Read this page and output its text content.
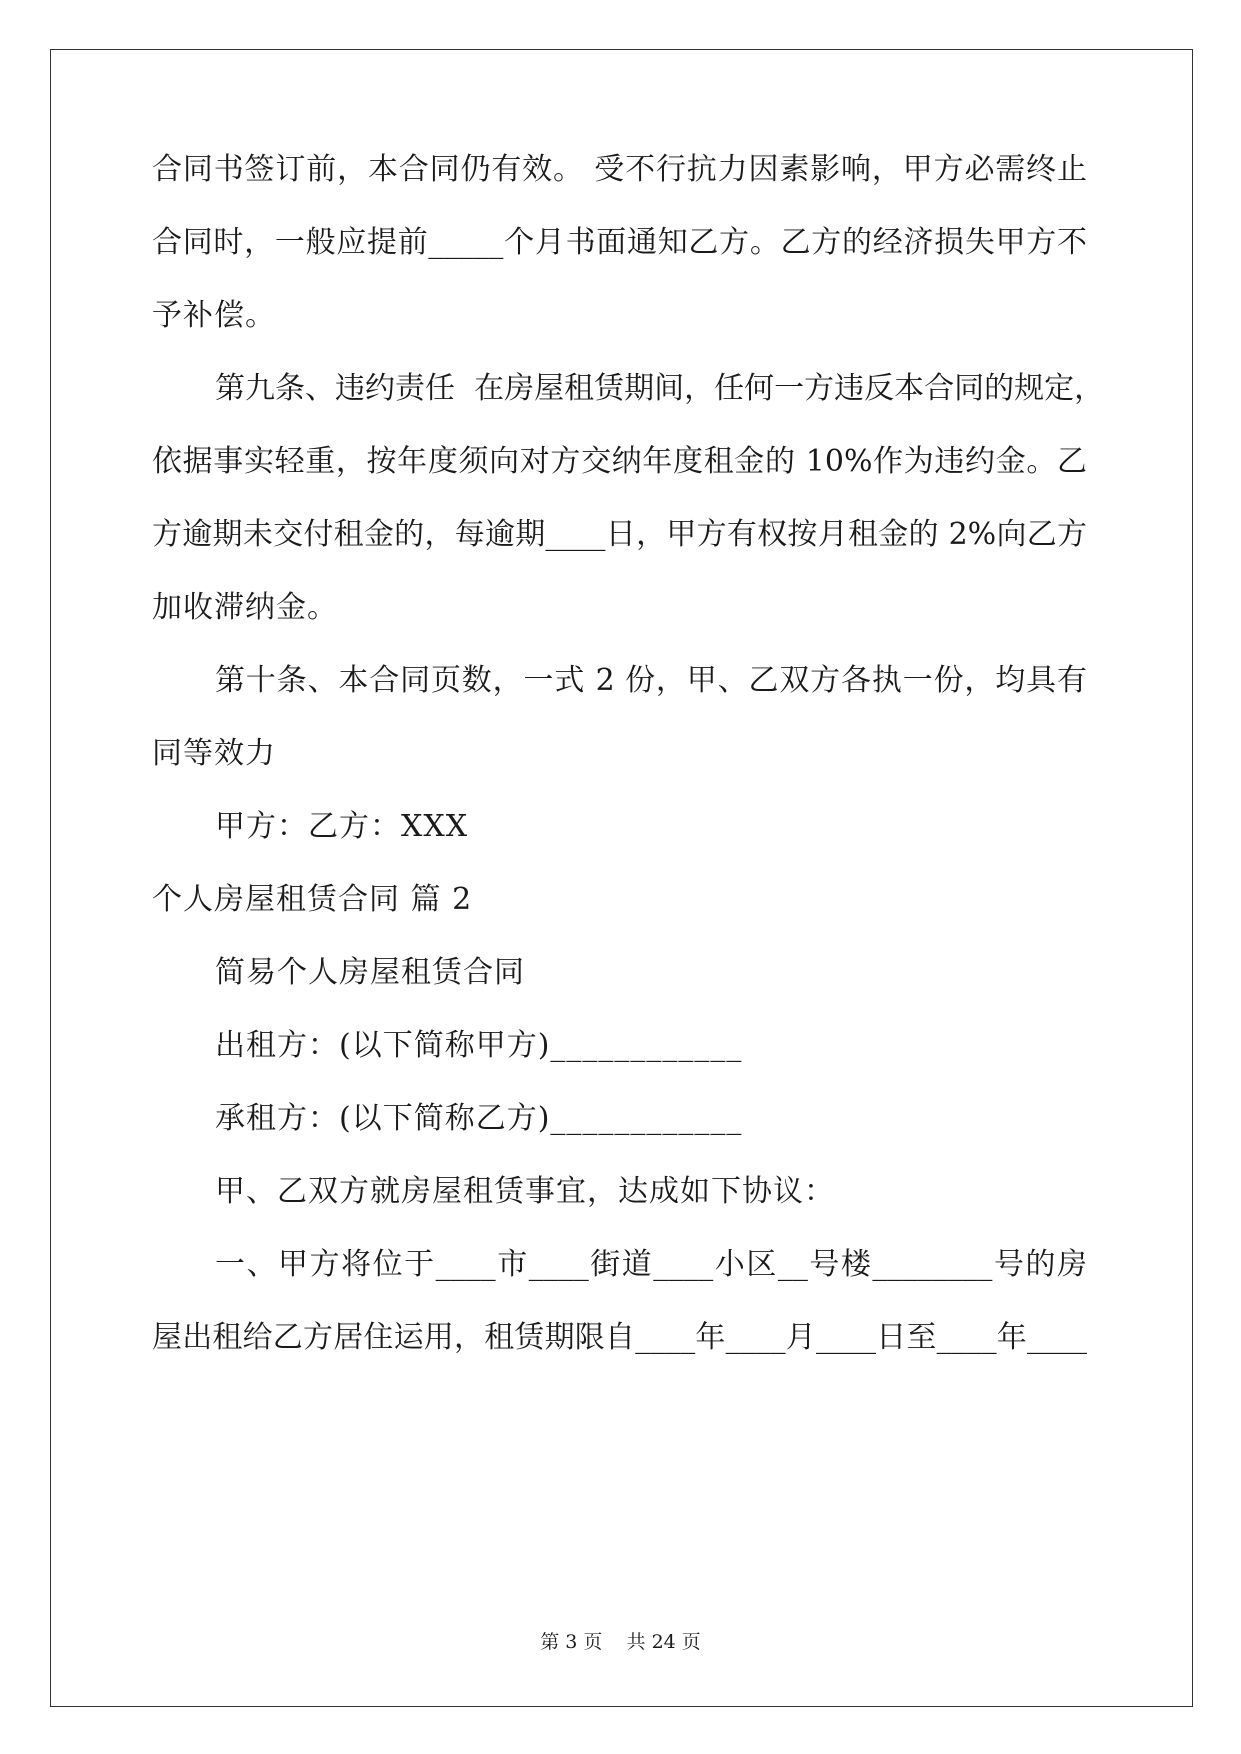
合同书签订前，本合同仍有效。 受不行抗力因素影响，甲方必需终止
合同时，一般应提前_____个月书面通知乙方。乙方的经济损失甲方不
予补偿。
第九条、违约责任  在房屋租赁期间，任何一方违反本合同的规定，
依据事实轻重，按年度须向对方交纳年度租金的 10%作为违约金。乙
方逾期未交付租金的，每逾期____日，甲方有权按月租金的 2%向乙方
加收滞纳金。
第十条、本合同页数，一式 2 份，甲、乙双方各执一份，均具有
同等效力
甲方：乙方：XXX
个人房屋租赁合同 篇 2
简易个人房屋租赁合同
出租方：(以下简称甲方)____________
承租方：(以下简称乙方)____________
甲、乙双方就房屋租赁事宜，达成如下协议：
一、甲方将位于____市____街道____小区__号楼________号的房
屋出租给乙方居住运用，租赁期限自____年____月____日至____年____
第 3 页    共 24 页
